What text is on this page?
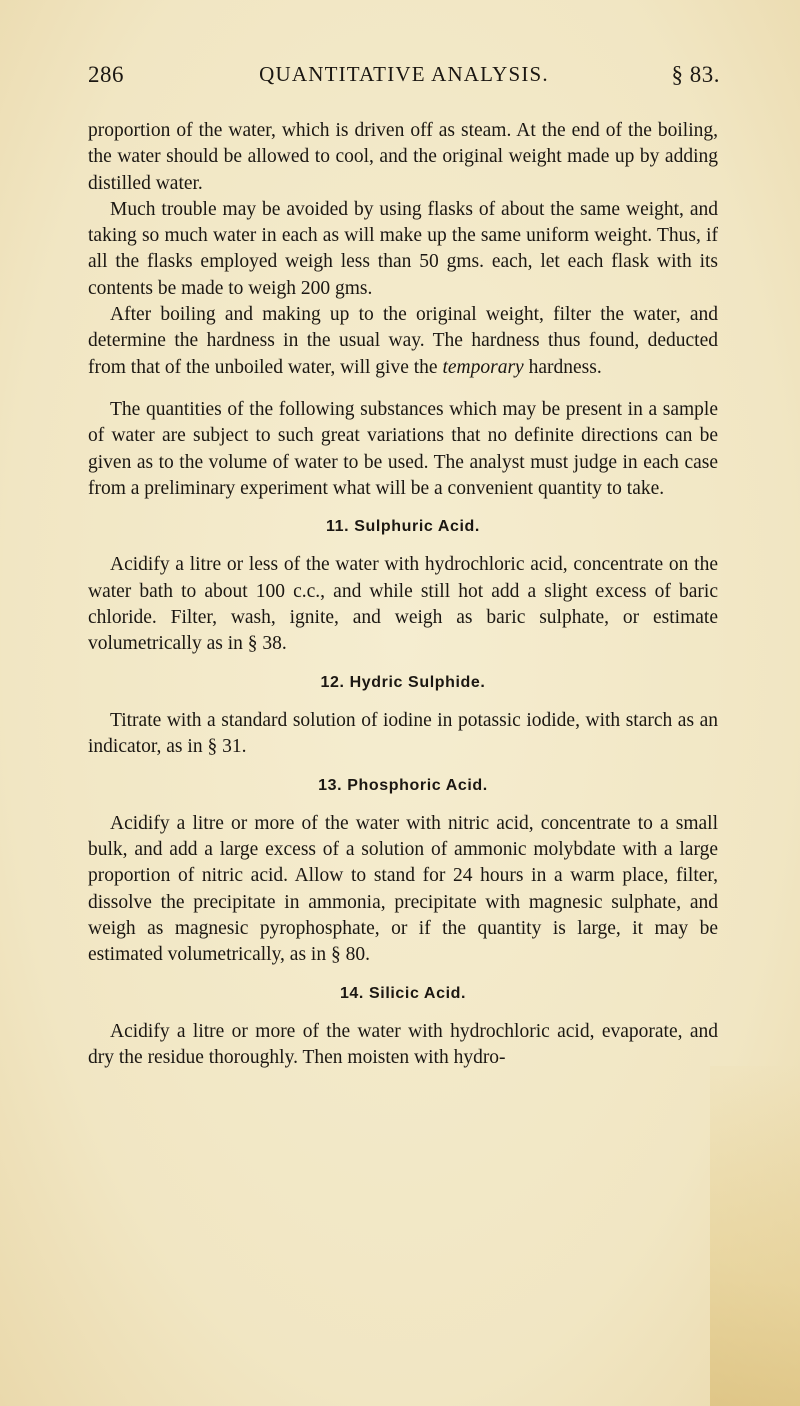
286	QUANTITATIVE ANALYSIS.	§ 83.

proportion of the water, which is driven off as steam. At the end of the boiling, the water should be allowed to cool, and the original weight made up by adding distilled water.

Much trouble may be avoided by using flasks of about the same weight, and taking so much water in each as will make up the same uniform weight. Thus, if all the flasks employed weigh less than 50 gms. each, let each flask with its contents be made to weigh 200 gms.

After boiling and making up to the original weight, filter the water, and determine the hardness in the usual way. The hardness thus found, deducted from that of the unboiled water, will give the temporary hardness.

The quantities of the following substances which may be present in a sample of water are subject to such great variations that no definite directions can be given as to the volume of water to be used. The analyst must judge in each case from a preliminary experiment what will be a convenient quantity to take.

11. Sulphuric Acid.

Acidify a litre or less of the water with hydrochloric acid, concentrate on the water bath to about 100 c.c., and while still hot add a slight excess of baric chloride. Filter, wash, ignite, and weigh as baric sulphate, or estimate volumetrically as in § 38.

12. Hydric Sulphide.

Titrate with a standard solution of iodine in potassic iodide, with starch as an indicator, as in § 31.

13. Phosphoric Acid.

Acidify a litre or more of the water with nitric acid, concentrate to a small bulk, and add a large excess of a solution of ammonic molybdate with a large proportion of nitric acid. Allow to stand for 24 hours in a warm place, filter, dissolve the precipitate in ammonia, precipitate with magnesic sulphate, and weigh as magnesic pyrophosphate, or if the quantity is large, it may be estimated volumetrically, as in § 80.

14. Silicic Acid.

Acidify a litre or more of the water with hydrochloric acid, evaporate, and dry the residue thoroughly. Then moisten with hydro-
